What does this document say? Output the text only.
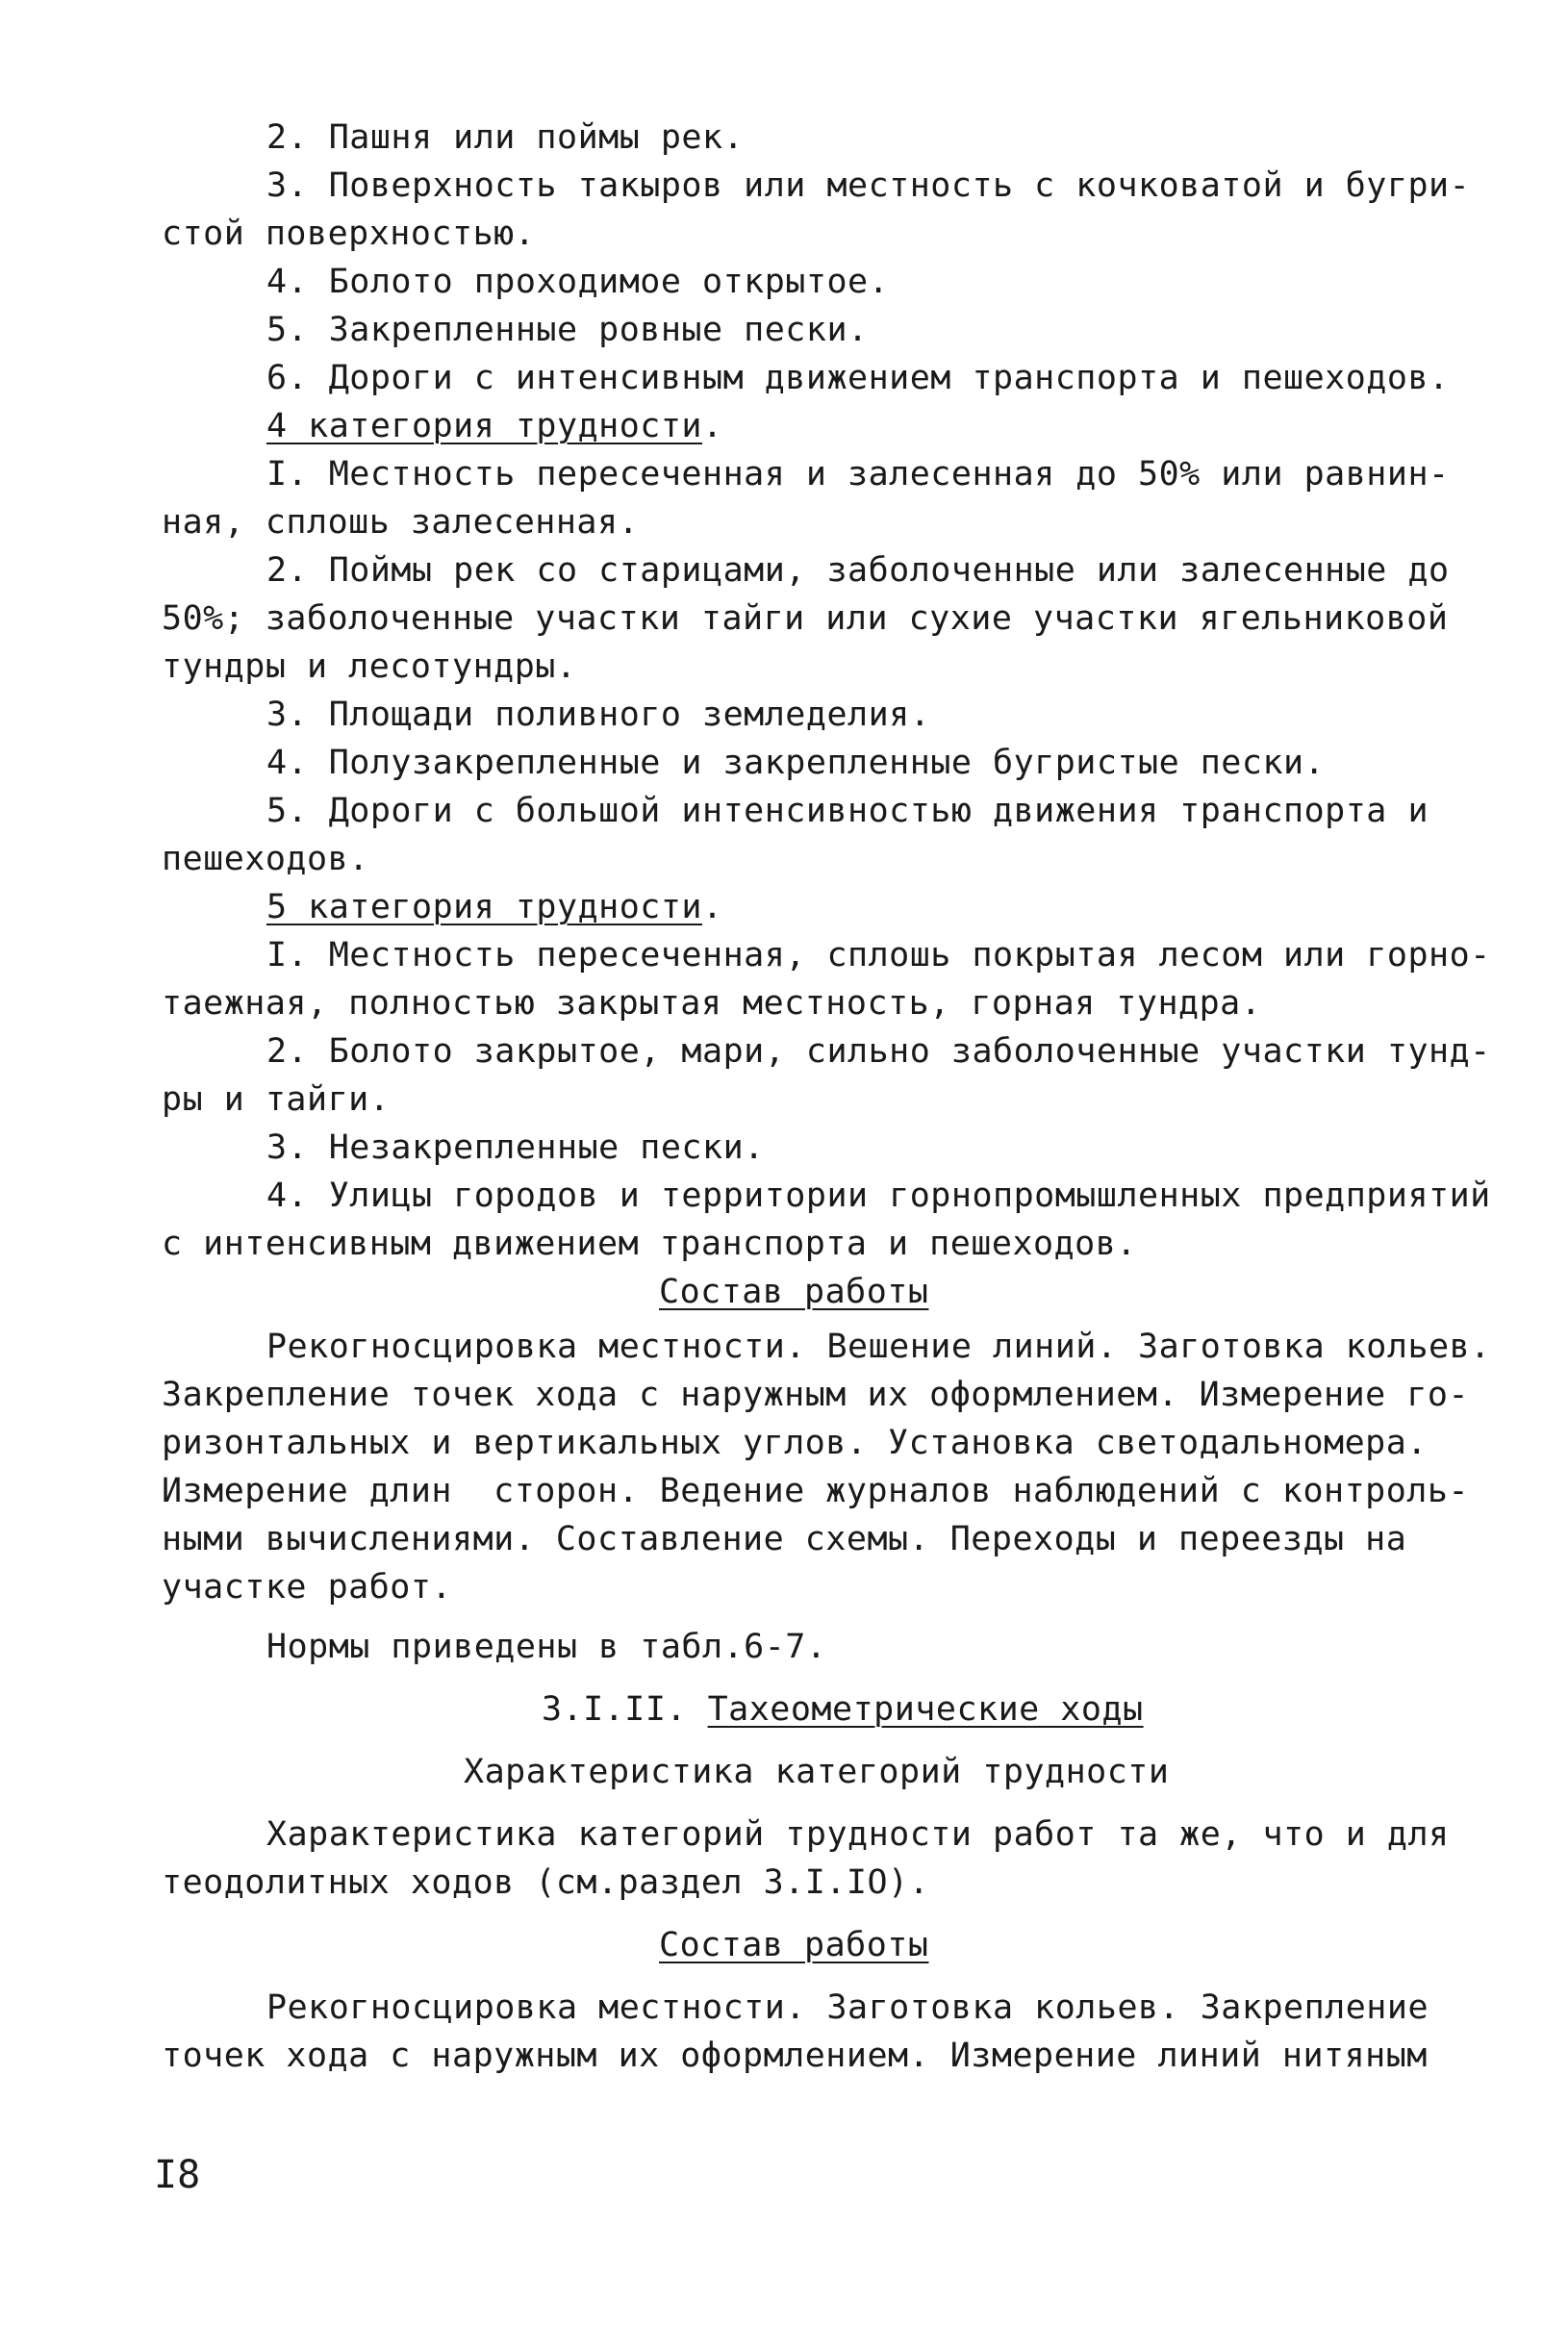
2. Пашня или поймы рек.
3. Поверхность такыров или местность с кочковатой и бугри-
стой поверхностью.
4. Болото проходимое открытое.
5. Закрепленные ровные пески.
6. Дороги с интенсивным движением транспорта и пешеходов.
4 категория трудности.
I. Местность пересеченная и залесенная до 50% или равнин-
ная, сплошь залесенная.
2. Поймы рек со старицами, заболоченные или залесенные до
50%; заболоченные участки тайги или сухие участки ягельниковой
тундры и лесотундры.
3. Площади поливного земледелия.
4. Полузакрепленные и закрепленные бугристые пески.
5. Дороги с большой интенсивностью движения транспорта и
пешеходов.
5 категория трудности.
I. Местность пересеченная, сплошь покрытая лесом или горно-
таежная, полностью закрытая местность, горная тундра.
2. Болото закрытое, мари, сильно заболоченные участки тунд-
ры и тайги.
3. Незакрепленные пески.
4. Улицы городов и территории горнопромышленных предприятий
с интенсивным движением транспорта и пешеходов.
Состав работы
Рекогносцировка местности. Вешение линий. Заготовка кольев.
Закрепление точек хода с наружным их оформлением. Измерение го-
ризонтальных и вертикальных углов. Установка светодальномера.
Измерение длин  сторон. Ведение журналов наблюдений с контроль-
ными вычислениями. Составление схемы. Переходы и переезды на
участке работ.
Нормы приведены в табл.6-7.
3.I.II. Тахеометрические ходы
Характеристика категорий трудности
Характеристика категорий трудности работ та же, что и для
теодолитных ходов (см.раздел 3.I.IO).
Состав работы
Рекогносцировка местности. Заготовка кольев. Закрепление
точек хода с наружным их оформлением. Измерение линий нитяным
I8
